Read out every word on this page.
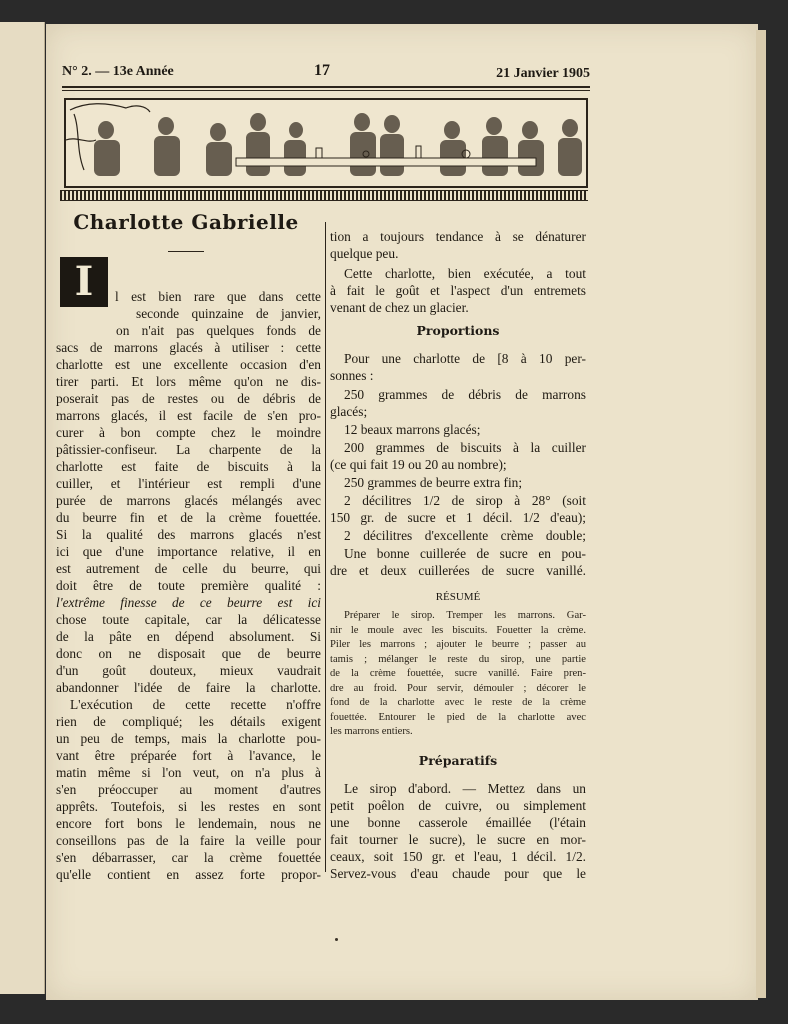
N° 2. — 13e Année	17	21 Janvier 1905
Charlotte Gabrielle
I	l est bien rare que dans cette
seconde quinzaine de janvier,
on n'ait pas quelques fonds de
sacs de marrons glacés à utiliser : cette
charlotte est une excellente occasion d'en
tirer parti. Et lors même qu'on ne dis-
poserait pas de restes ou de débris de
marrons glacés, il est facile de s'en pro-
curer à bon compte chez le moindre
pâtissier-confiseur. La charpente de la
charlotte est faite de biscuits à la
cuiller, et l'intérieur est rempli d'une
purée de marrons glacés mélangés avec
du beurre fin et de la crème fouettée.
Si la qualité des marrons glacés n'est
ici que d'une importance relative, il en
est autrement de celle du beurre, qui
doit être de toute première qualité :
l'extrême finesse de ce beurre est ici
chose toute capitale, car la délicatesse
de la pâte en dépend absolument. Si
donc on ne disposait que de beurre
d'un goût douteux, mieux vaudrait
abandonner l'idée de faire la charlotte.
L'exécution de cette recette n'offre
rien de compliqué; les détails exigent
un peu de temps, mais la charlotte pou-
vant être préparée fort à l'avance, le
matin même si l'on veut, on n'a plus à
s'en préoccuper au moment d'autres
apprêts. Toutefois, si les restes en sont
encore fort bons le lendemain, nous ne
conseillons pas de la faire la veille pour
s'en débarrasser, car la crème fouettée
qu'elle contient en assez forte propor-
tion a toujours tendance à se dénaturer
quelque peu.
Cette charlotte, bien exécutée, a tout
à fait le goût et l'aspect d'un entremets
venant de chez un glacier.
Proportions
Pour une charlotte de [8 à 10 per-
sonnes :
250 grammes de débris de marrons
glacés;
12 beaux marrons glacés;
200 grammes de biscuits à la cuiller
(ce qui fait 19 ou 20 au nombre);
250 grammes de beurre extra fin;
2 décilitres 1/2 de sirop à 28° (soit
150 gr. de sucre et 1 décil. 1/2 d'eau);
2 décilitres d'excellente crème double;
Une bonne cuillerée de sucre en pou-
dre et deux cuillerées de sucre vanillé.
RÉSUMÉ
Préparer le sirop. Tremper les marrons. Gar-
nir le moule avec les biscuits. Fouetter la crème.
Piler les marrons ; ajouter le beurre ; passer au
tamis ; mélanger le reste du sirop, une partie
de la crème fouettée, sucre vanillé. Faire pren-
dre au froid. Pour servir, démouler ; décorer le
fond de la charlotte avec le reste de la crème
fouettée. Entourer le pied de la charlotte avec
les marrons entiers.
Préparatifs
Le sirop d'abord. — Mettez dans un
petit poêlon de cuivre, ou simplement
une bonne casserole émaillée (l'étain
fait tourner le sucre), le sucre en mor-
ceaux, soit 150 gr. et l'eau, 1 décil. 1/2.
Servez-vous d'eau chaude pour que le
